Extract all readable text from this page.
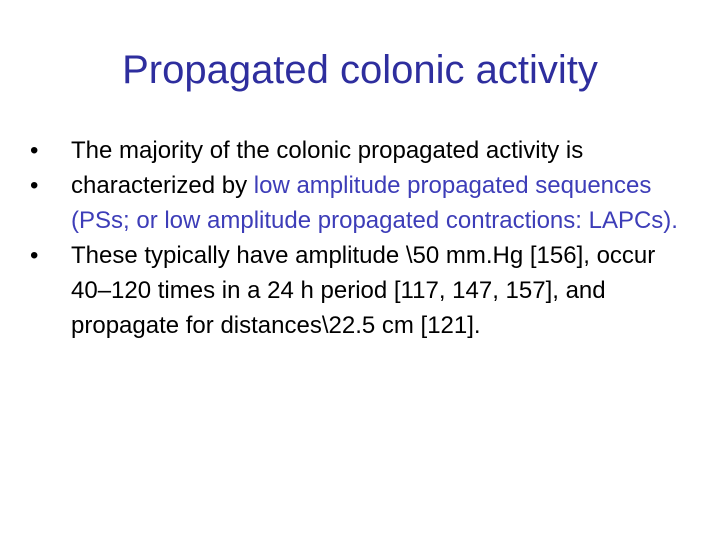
Propagated colonic activity
•	The majority of the colonic propagated activity is
•	characterized by low amplitude propagated sequences (PSs; or low amplitude propagated contractions: LAPCs).
•	These typically have amplitude \50 mm.Hg [156], occur 40–120 times in a 24 h period [117, 147, 157], and propagate for distances\22.5 cm [121].
